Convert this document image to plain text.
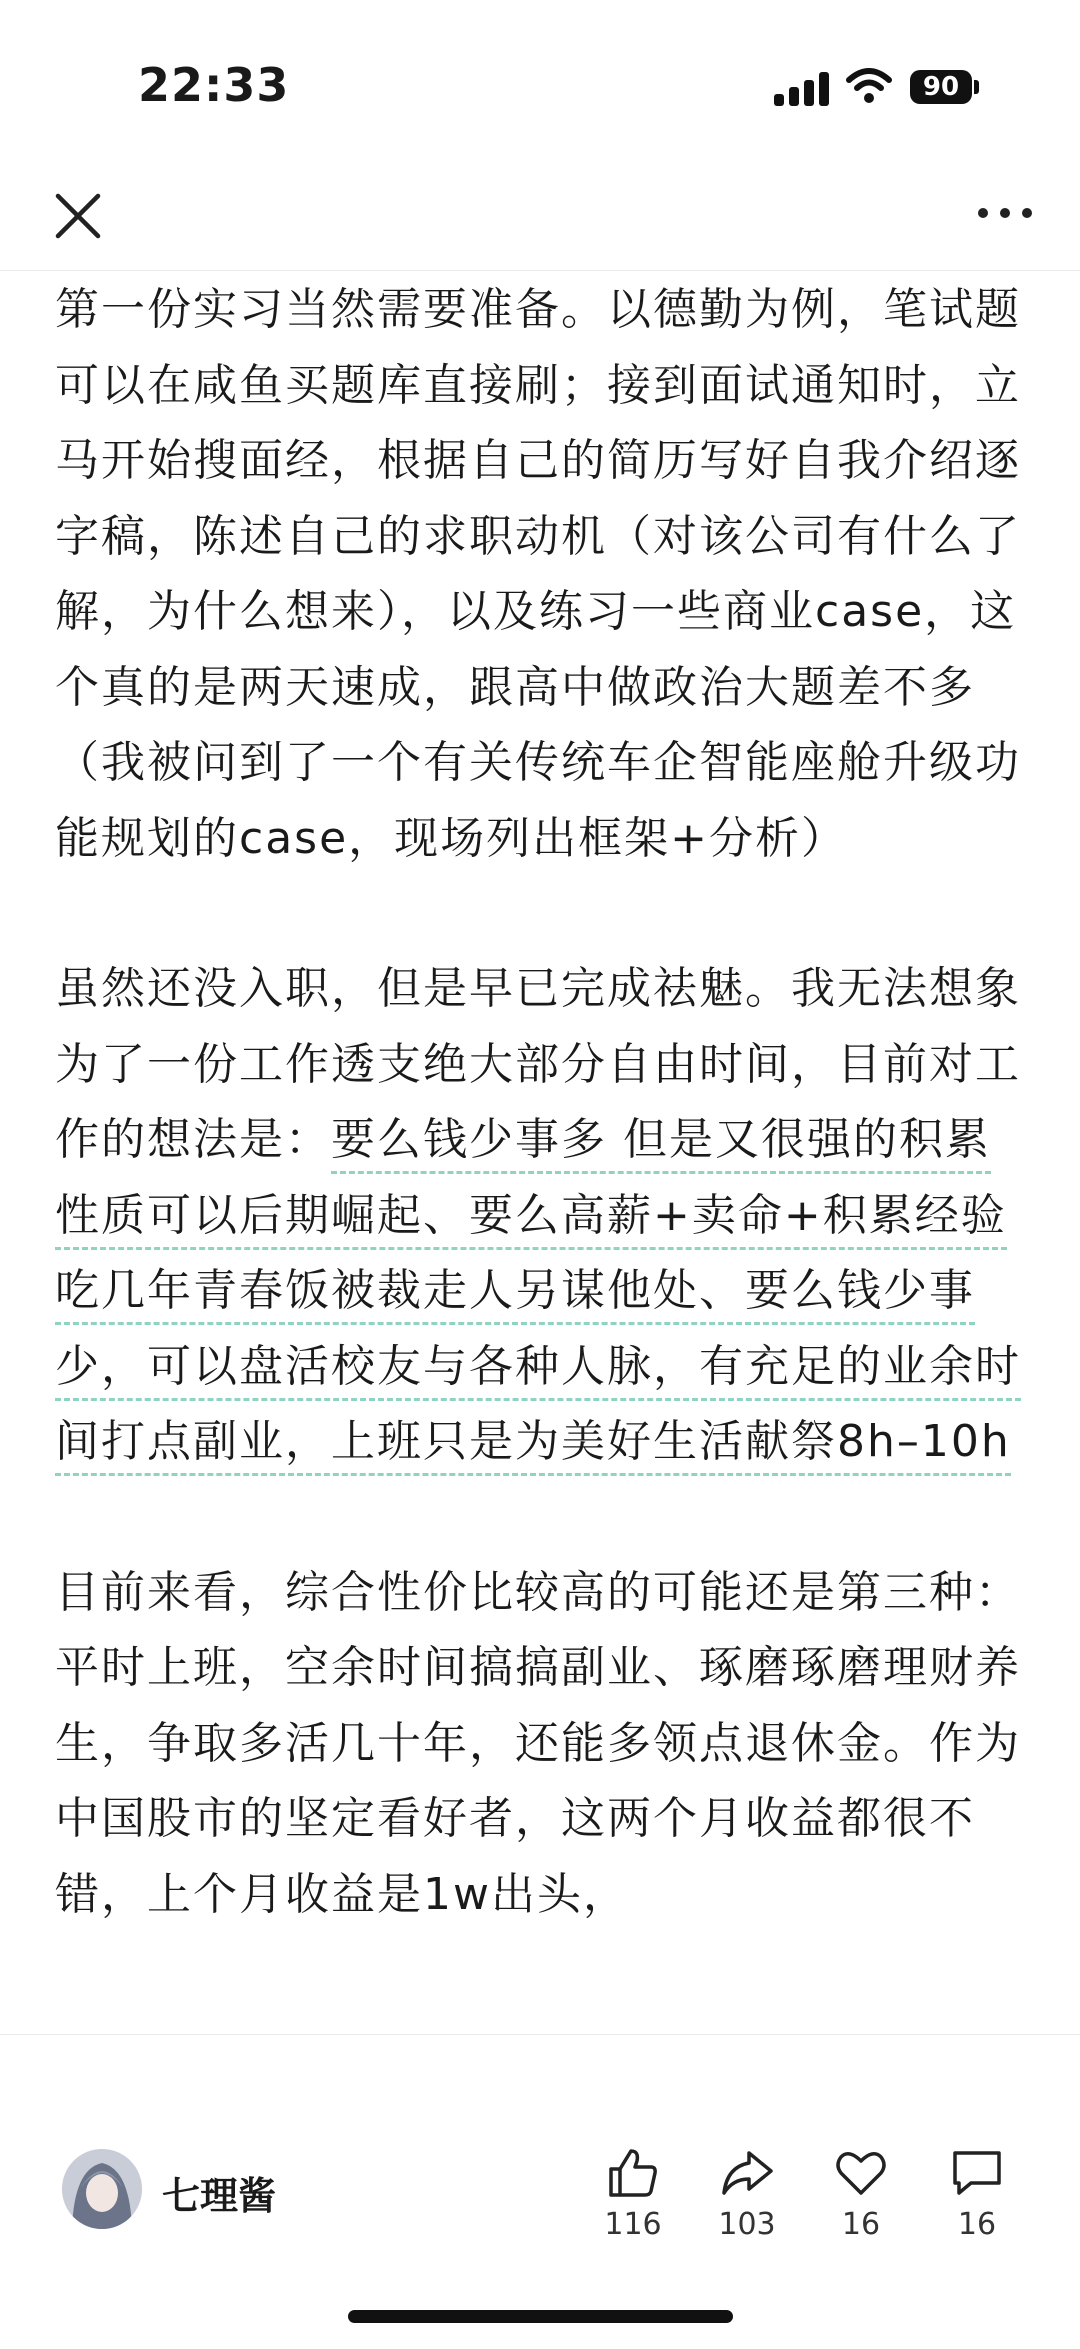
22:33	90

第一份实习当然需要准备。以德勤为例，笔试题可以在咸鱼买题库直接刷；接到面试通知时，立马开始搜面经，根据自己的简历写好自我介绍逐字稿，陈述自己的求职动机（对该公司有什么了解，为什么想来），以及练习一些商业case，这个真的是两天速成，跟高中做政治大题差不多（我被问到了一个有关传统车企智能座舱升级功能规划的case，现场列出框架+分析）

虽然还没入职，但是早已完成祛魅。我无法想象为了一份工作透支绝大部分自由时间，目前对工作的想法是：要么钱少事多 但是又很强的积累性质可以后期崛起、要么高薪+卖命+积累经验吃几年青春饭被裁走人另谋他处、要么钱少事少，可以盘活校友与各种人脉，有充足的业余时间打点副业，上班只是为美好生活献祭8h–10h

目前来看，综合性价比较高的可能还是第三种：平时上班，空余时间搞搞副业、琢磨琢磨理财养生，争取多活几十年，还能多领点退休金。作为中国股市的坚定看好者，这两个月收益都很不错，上个月收益是1w出头，

七理酱
116	103	16	16
